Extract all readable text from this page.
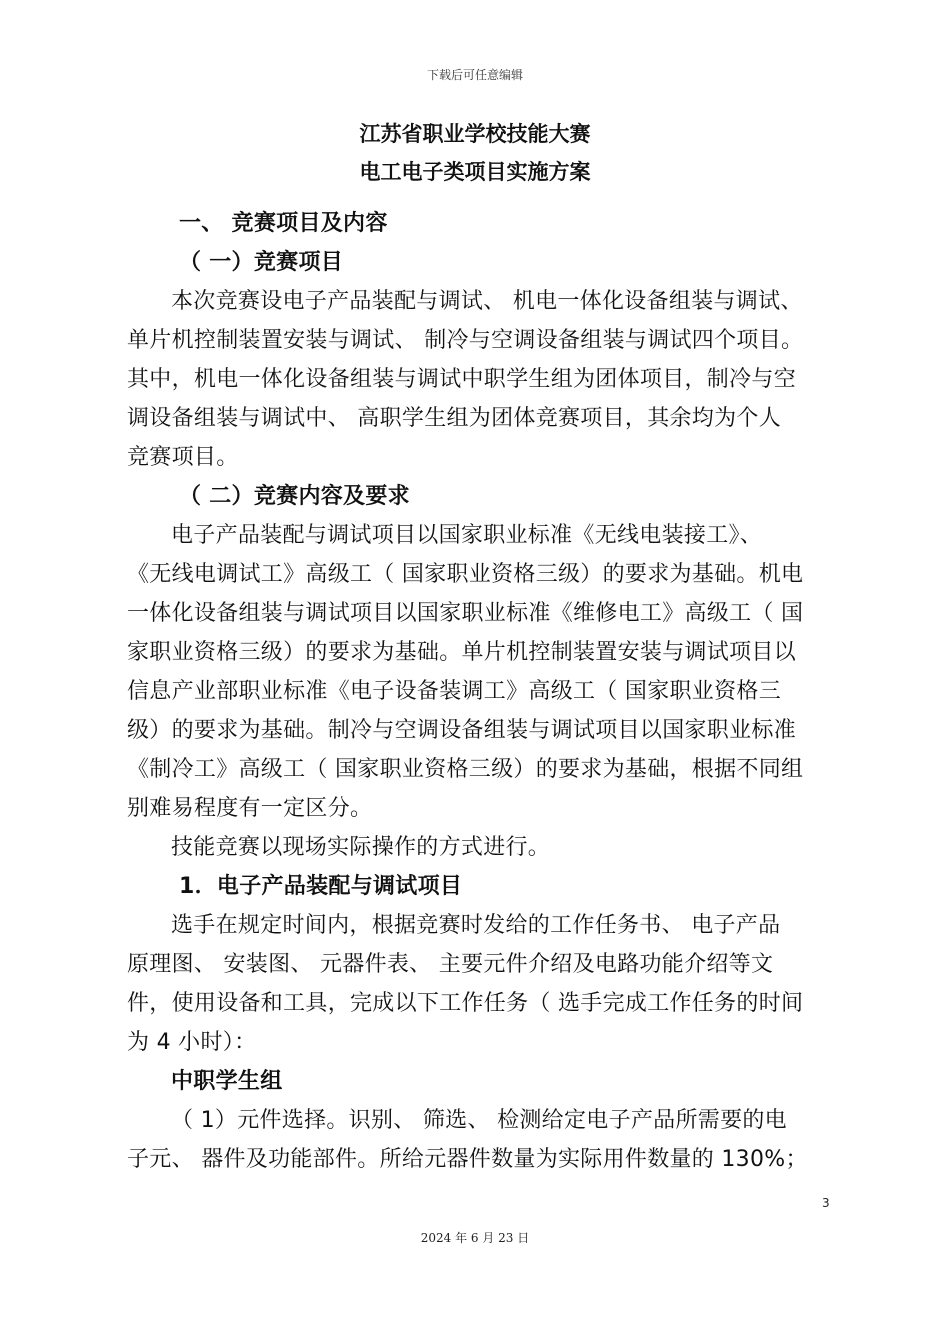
下载后可任意编辑
江苏省职业学校技能大赛
电工电子类项目实施方案
一、 竞赛项目及内容
（ 一）竞赛项目
本次竞赛设电子产品装配与调试、 机电一体化设备组装与调试、
单片机控制装置安装与调试、 制冷与空调设备组装与调试四个项目。
其中，机电一体化设备组装与调试中职学生组为团体项目，制冷与空
调设备组装与调试中、 高职学生组为团体竞赛项目，其余均为个人
竞赛项目。
（ 二）竞赛内容及要求
电子产品装配与调试项目以国家职业标准《无线电装接工》、
《无线电调试工》高级工（ 国家职业资格三级）的要求为基础。机电
一体化设备组装与调试项目以国家职业标准《维修电工》高级工（ 国
家职业资格三级）的要求为基础。单片机控制装置安装与调试项目以
信息产业部职业标准《电子设备装调工》高级工（ 国家职业资格三
级）的要求为基础。制冷与空调设备组装与调试项目以国家职业标准
《制冷工》高级工（ 国家职业资格三级）的要求为基础，根据不同组
别难易程度有一定区分。
技能竞赛以现场实际操作的方式进行。
1．电子产品装配与调试项目
选手在规定时间内，根据竞赛时发给的工作任务书、 电子产品
原理图、 安装图、 元器件表、 主要元件介绍及电路功能介绍等文
件，使用设备和工具，完成以下工作任务（ 选手完成工作任务的时间
为 4 小时）：
中职学生组
（ 1）元件选择。识别、 筛选、 检测给定电子产品所需要的电
子元、 器件及功能部件。所给元器件数量为实际用件数量的 130%；
3
2024 年 6 月 23 日
